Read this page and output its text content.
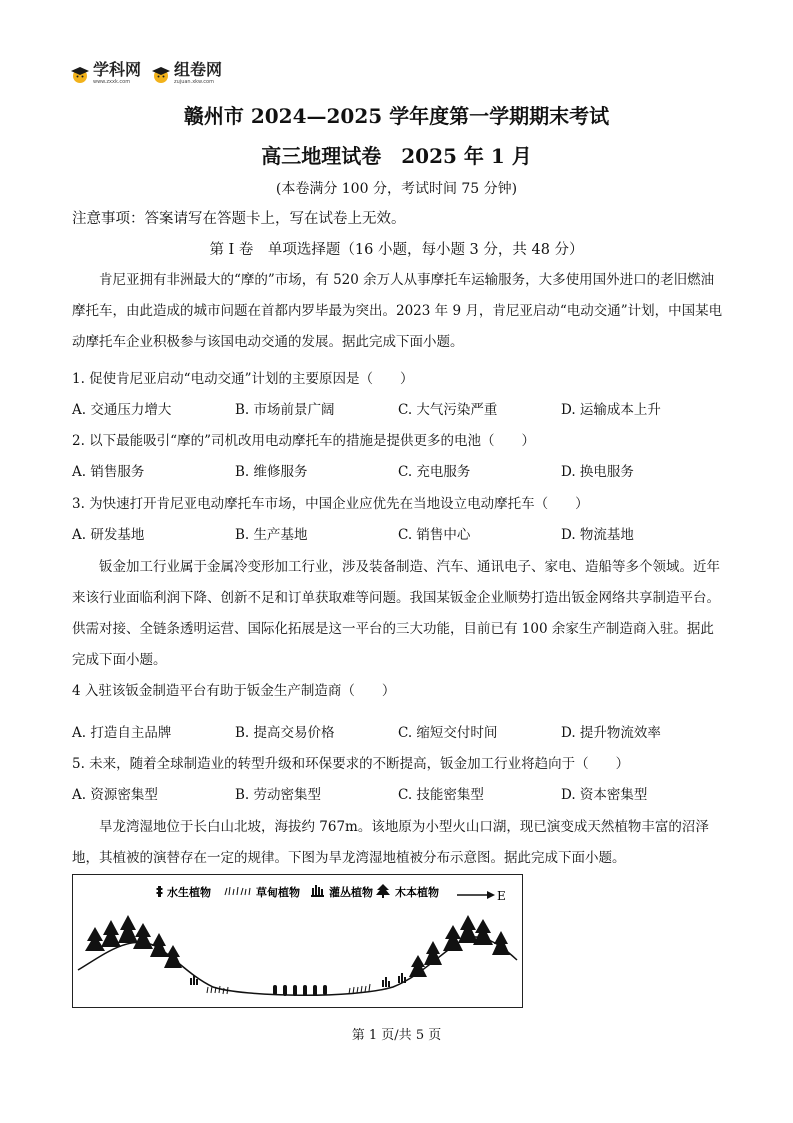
学科网
www.zxxk.com
组卷网
zujuan.xkw.com
赣州市 2024—2025 学年度第一学期期末考试
高三地理试卷　2025 年 1 月
(本卷满分 100 分，考试时间 75 分钟)
注意事项：答案请写在答题卡上，写在试卷上无效。
第 I 卷　单项选择题（16 小题，每小题 3 分，共 48 分）

肯尼亚拥有非洲最大的“摩的”市场，有 520 余万人从事摩托车运输服务，大多使用国外进口的老旧燃油摩托车，由此造成的城市问题在首都内罗毕最为突出。2023 年 9 月，肯尼亚启动“电动交通”计划，中国某电动摩托车企业积极参与该国电动交通的发展。据此完成下面小题。

1. 促使肯尼亚启动“电动交通”计划的主要原因是（　　）
A. 交通压力增大	B. 市场前景广阔	C. 大气污染严重	D. 运输成本上升
2. 以下最能吸引“摩的”司机改用电动摩托车的措施是提供更多的电池（　　）
A. 销售服务	B. 维修服务	C. 充电服务	D. 换电服务
3. 为快速打开肯尼亚电动摩托车市场，中国企业应优先在当地设立电动摩托车（　　）
A. 研发基地	B. 生产基地	C. 销售中心	D. 物流基地

钣金加工行业属于金属冷变形加工行业，涉及装备制造、汽车、通讯电子、家电、造船等多个领域。近年来该行业面临利润下降、创新不足和订单获取难等问题。我国某钣金企业顺势打造出钣金网络共享制造平台。供需对接、全链条透明运营、国际化拓展是这一平台的三大功能，目前已有 100 余家生产制造商入驻。据此完成下面小题。

4 入驻该钣金制造平台有助于钣金生产制造商（　　）
A. 打造自主品牌	B. 提高交易价格	C. 缩短交付时间	D. 提升物流效率
5. 未来，随着全球制造业的转型升级和环保要求的不断提高，钣金加工行业将趋向于（　　）
A. 资源密集型	B. 劳动密集型	C. 技能密集型	D. 资本密集型

旱龙湾湿地位于长白山北坡，海拔约 767m。该地原为小型火山口湖，现已演变成天然植物丰富的沼泽地，其植被的演替存在一定的规律。下图为旱龙湾湿地植被分布示意图。据此完成下面小题。

水生植物	草甸植物	灌丛植物 木本植物	E
第 1 页/共 5 页
